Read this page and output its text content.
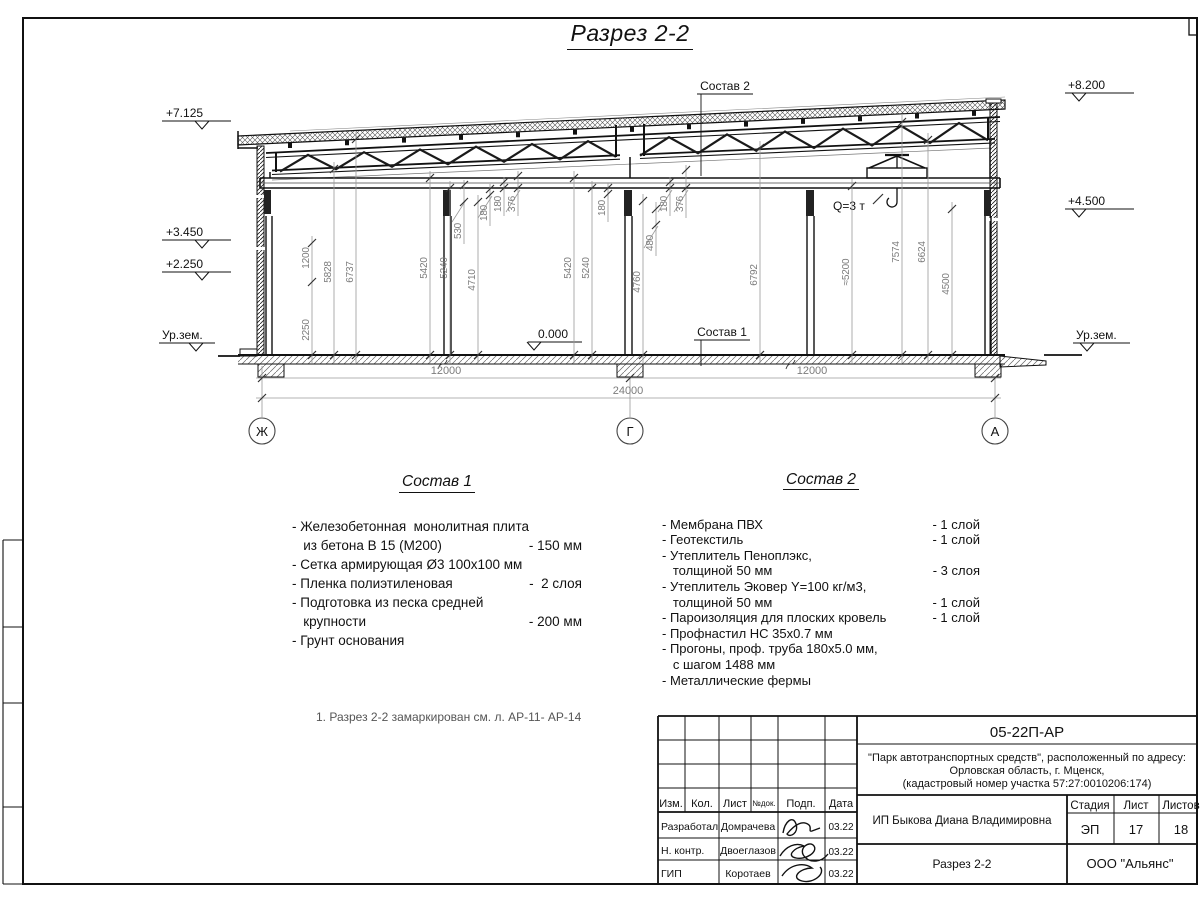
Q=3 т
+7.125
+3.450
+2.250
Ур.зем.
+8.200
+4.500
Ур.зем.
0.000
Состав 2
Состав 1
1200
2250
5828 6737	5420 5240
4710
530
180
180 376	180
5420 5240
480
180 376
4760	6792	≈5200
7574 6624
4500
12000	12000
24000
Ж	Г	А
05-22П-АР
"Парк автотранспортных средств", расположенный по адресу:
Орловская область, г. Мценск,
(кадастровый номер участка 57:27:0010206:174)
Изм. Кол. Лист №док. Подп. Дата
Разработал Домрачева	03.22
Н. контр. Двоеглазов	03.22
ГИП	Коротаев	03.22
ИП Быкова Диана Владимировна
Стадия Лист Листов
ЭП 17 18
Разрез 2-2	ООО "Альянс"
Разрез 2-2
Состав 1
- Железобетонная  монолитная плита
из бетона В 15 (М200)	- 150 мм
- Сетка армирующая Ø3 100x100 мм
- Пленка полиэтиленовая	-  2 слоя
- Подготовка из песка средней
крупности	- 200 мм
- Грунт основания
Состав 2
- Мембрана ПВХ	- 1 слой
- Геотекстиль	- 1 слой
- Утеплитель Пеноплэкс,
толщиной 50 мм	- 3 слоя
- Утеплитель Эковер Y=100 кг/м3,
толщиной 50 мм	- 1 слой
- Пароизоляция для плоских кровель	- 1 слой
- Профнастил НС 35x0.7 мм
- Прогоны, проф. труба 180x5.0 мм,
с шагом 1488 мм
- Металлические фермы
1. Разрез 2-2 замаркирован см. л. АР-11- АР-14
